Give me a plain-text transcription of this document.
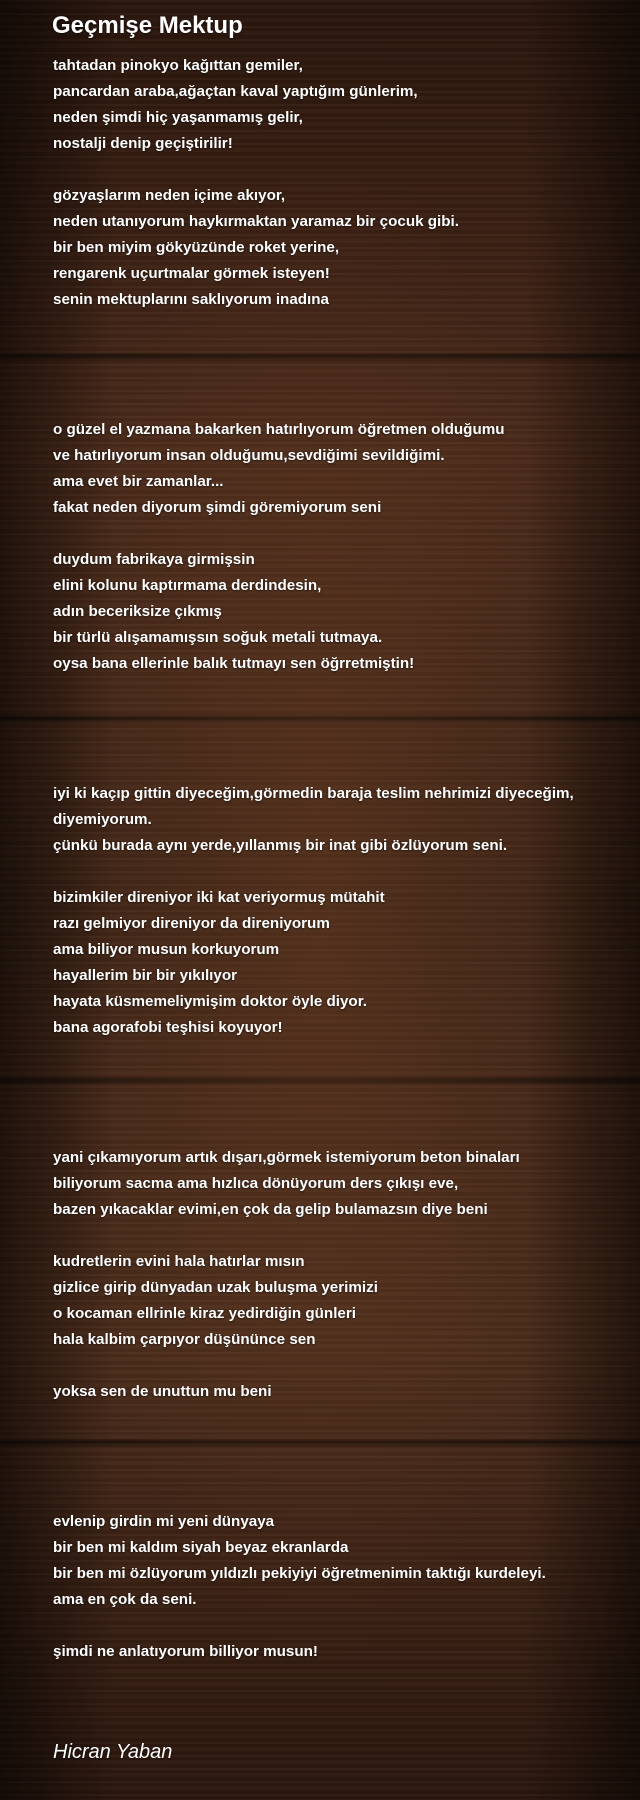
Geçmişe Mektup
tahtadan pinokyo kağıttan gemiler,
pancardan araba,ağaçtan kaval yaptığım günlerim,
neden şimdi hiç yaşanmamış gelir,
nostalji denip geçiştirilir!
gözyaşlarım neden içime akıyor,
neden utanıyorum haykırmaktan yaramaz bir çocuk gibi.
bir ben miyim gökyüzünde roket yerine,
rengarenk uçurtmalar görmek isteyen!
senin mektuplarını saklıyorum inadına
o güzel el yazmana bakarken hatırlıyorum öğretmen olduğumu
ve hatırlıyorum insan olduğumu,sevdiğimi sevildiğimi.
ama evet bir zamanlar...
fakat neden diyorum şimdi göremiyorum seni
duydum fabrikaya girmişsin
elini kolunu kaptırmama derdindesin,
adın beceriksize çıkmış
bir türlü alışamamışsın soğuk metali tutmaya.
oysa bana ellerinle balık tutmayı sen öğrretmiştin!
iyi ki kaçıp gittin diyeceğim,görmedin baraja teslim nehrimizi diyeceğim, diyemiyorum.
çünkü burada aynı yerde,yıllanmış bir inat gibi özlüyorum seni.
bizimkiler direniyor iki kat veriyormuş mütahit
razı gelmiyor direniyor da direniyorum
ama biliyor musun korkuyorum
hayallerim bir bir yıkılıyor
hayata küsmemeliymişim doktor öyle diyor.
bana agorafobi teşhisi koyuyor!
yani çıkamıyorum artık dışarı,görmek istemiyorum beton binaları
biliyorum sacma ama hızlıca dönüyorum ders çıkışı eve,
bazen yıkacaklar evimi,en çok da gelip bulamazsın diye beni
kudretlerin evini hala hatırlar mısın
gizlice girip dünyadan uzak buluşma yerimizi
o kocaman ellrinle kiraz yedirdiğin günleri
hala kalbim çarpıyor düşününce sen
yoksa sen de unuttun mu beni
evlenip girdin mi yeni dünyaya
bir ben mi kaldım siyah beyaz ekranlarda
bir ben mi özlüyorum yıldızlı pekiyiyi öğretmenimin taktığı kurdeleyi.
ama en çok da seni.
şimdi ne anlatıyorum billiyor musun!

Hicran Yaban
